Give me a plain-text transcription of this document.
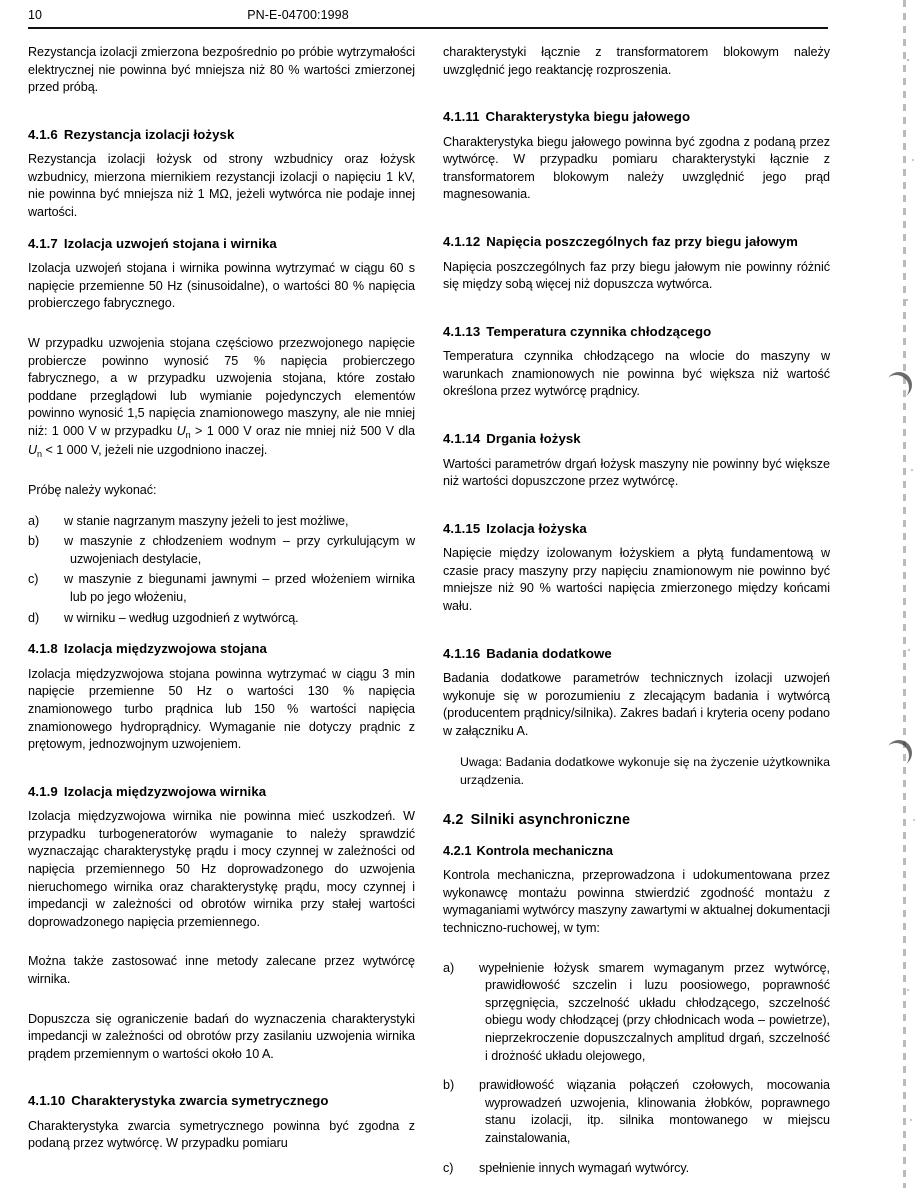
10	PN-E-04700:1998

Rezystancja izolacji zmierzona bezpośrednio po próbie wytrzymałości elektrycznej nie powinna być mniejsza niż 80 % wartości zmierzonej przed próbą.

4.1.6 Rezystancja izolacji łożysk

Rezystancja izolacji łożysk od strony wzbudnicy oraz łożysk wzbudnicy, mierzona miernikiem rezystancji izolacji o napięciu 1 kV, nie powinna być mniejsza niż 1 MΩ, jeżeli wytwórca nie podaje innej wartości.

4.1.7 Izolacja uzwojeń stojana i wirnika

Izolacja uzwojeń stojana i wirnika powinna wytrzymać w ciągu 60 s napięcie przemienne 50 Hz (sinusoidalne), o wartości 80 % napięcia probierczego fabrycznego.

W przypadku uzwojenia stojana częściowo przezwojonego napięcie probiercze powinno wynosić 75 % napięcia probierczego fabrycznego, a w przypadku uzwojenia stojana, które zostało poddane przeglądowi lub wymianie pojedynczych elementów powinno wynosić 1,5 napięcia znamionowego maszyny, ale nie mniej niż: 1 000 V w przypadku $U_n > 1$ 000 V oraz nie mniej niż 500 V dla $U_n < 1$ 000 V, jeżeli nie uzgodniono inaczej.

Próbę należy wykonać:

a) w stanie nagrzanym maszyny jeżeli to jest możliwe,

b) w maszynie z chłodzeniem wodnym – przy cyrkulującym w uzwojeniach destylacie,

c) w maszynie z biegunami jawnymi – przed włożeniem wirnika lub po jego włożeniu,

d) w wirniku – według uzgodnień z wytwórcą.

4.1.8 Izolacja międzyzwojowa stojana

Izolacja międzyzwojowa stojana powinna wytrzymać w ciągu 3 min napięcie przemienne 50 Hz o wartości 130 % napięcia znamionowego turbo prądnica lub 150 % wartości napięcia znamionowego hydroprądnicy. Wymaganie nie dotyczy prądnic z prętowym, jednozwojnym uzwojeniem.

4.1.9 Izolacja międzyzwojowa wirnika

Izolacja międzyzwojowa wirnika nie powinna mieć uszkodzeń. W przypadku turbogeneratorów wymaganie to należy sprawdzić wyznaczając charakterystykę prądu i mocy czynnej w zależności od napięcia przemiennego 50 Hz doprowadzonego do uzwojenia nieruchomego wirnika oraz charakterystykę prądu, mocy czynnej i impedancji w zależności od obrotów wirnika przy stałej wartości doprowadzonego napięcia przemiennego.

Można także zastosować inne metody zalecane przez wytwórcę wirnika.

Dopuszcza się ograniczenie badań do wyznaczenia charakterystyki impedancji w zależności od obrotów przy zasilaniu uzwojenia wirnika prądem przemiennym o wartości około 10 A.

4.1.10 Charakterystyka zwarcia symetrycznego

Charakterystyka zwarcia symetrycznego powinna być zgodna z podaną przez wytwórcę. W przypadku pomiaru

charakterystyki łącznie z transformatorem blokowym należy uwzględnić jego reaktancję rozproszenia.

4.1.11 Charakterystyka biegu jałowego

Charakterystyka biegu jałowego powinna być zgodna z podaną przez wytwórcę. W przypadku pomiaru charakterystyki łącznie z transformatorem blokowym należy uwzględnić jego prąd magnesowania.

4.1.12 Napięcia poszczególnych faz przy biegu jałowym

Napięcia poszczególnych faz przy biegu jałowym nie powinny różnić się między sobą więcej niż dopuszcza wytwórca.

4.1.13 Temperatura czynnika chłodzącego

Temperatura czynnika chłodzącego na wlocie do maszyny w warunkach znamionowych nie powinna być większa niż wartość określona przez wytwórcę prądnicy.

4.1.14 Drgania łożysk

Wartości parametrów drgań łożysk maszyny nie powinny być większe niż wartości dopuszczone przez wytwórcę.

4.1.15 Izolacja łożyska

Napięcie między izolowanym łożyskiem a płytą fundamentową w czasie pracy maszyny przy napięciu znamionowym nie powinno być mniejsze niż 90 % wartości napięcia zmierzonego między końcami wału.

4.1.16 Badania dodatkowe

Badania dodatkowe parametrów technicznych izolacji uzwojeń wykonuje się w porozumieniu z zlecającym badania i wytwórcą (producentem prądnicy/silnika). Zakres badań i kryteria oceny podano w załączniku A.

Uwaga: Badania dodatkowe wykonuje się na życzenie użytkownika urządzenia.

4.2 Silniki asynchroniczne
4.2.1 Kontrola mechaniczna

Kontrola mechaniczna, przeprowadzona i udokumentowana przez wykonawcę montażu powinna stwierdzić zgodność montażu z wymaganiami wytwórcy maszyny zawartymi w aktualnej dokumentacji techniczno-ruchowej, w tym:

a) wypełnienie łożysk smarem wymaganym przez wytwórcę, prawidłowość szczelin i luzu poosiowego, poprawność sprzęgnięcia, szczelność układu chłodzącego, szczelność obiegu wody chłodzącej (przy chłodnicach woda – powietrze), nieprzekroczenie dopuszczalnych amplitud drgań, szczelność i drożność układu olejowego,

b) prawidłowość wiązania połączeń czołowych, mocowania wyprowadzeń uzwojenia, klinowania żłobków, poprawnego stanu izolacji, itp. silnika montowanego w miejscu zainstalowania,

c) spełnienie innych wymagań wytwórcy.
